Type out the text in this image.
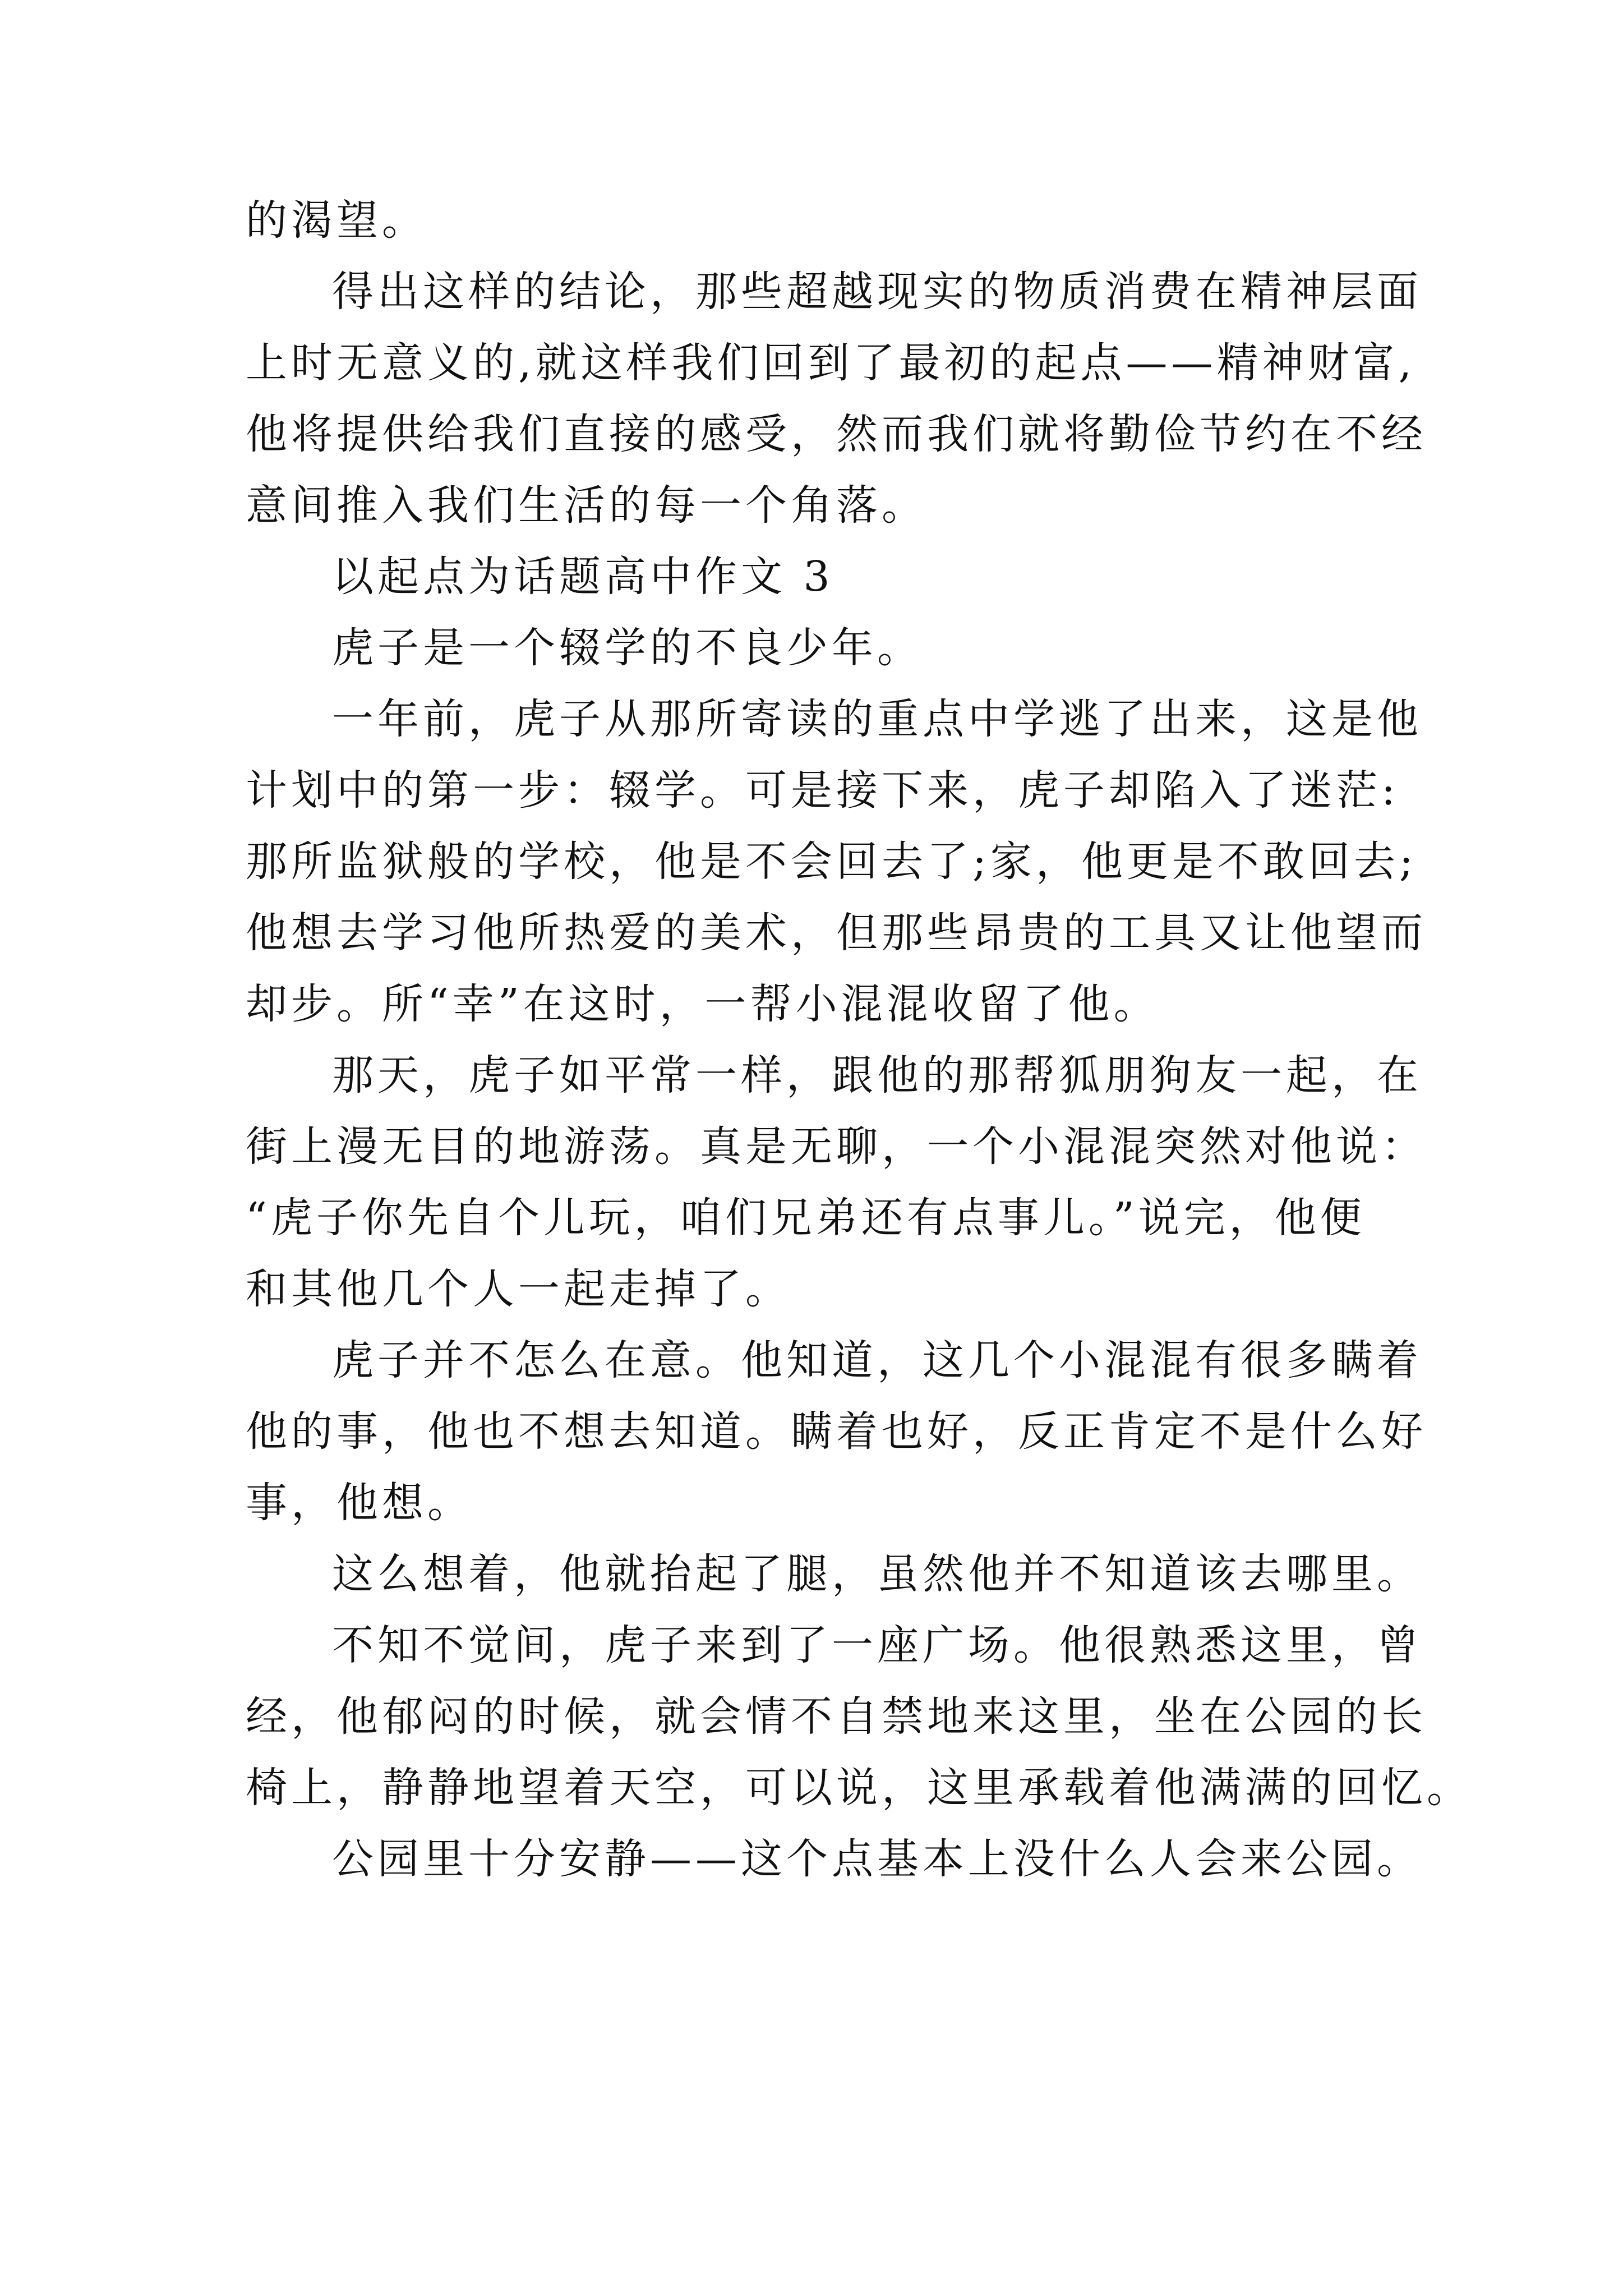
的渴望。
得出这样的结论，那些超越现实的物质消费在精神层面
上时无意义的,就这样我们回到了最初的起点——精神财富,
他将提供给我们直接的感受，然而我们就将勤俭节约在不经
意间推入我们生活的每一个角落。
以起点为话题高中作文 3
虎子是一个辍学的不良少年。
一年前，虎子从那所寄读的重点中学逃了出来，这是他
计划中的第一步：辍学。可是接下来，虎子却陷入了迷茫:
那所监狱般的学校，他是不会回去了;家，他更是不敢回去;
他想去学习他所热爱的美术，但那些昂贵的工具又让他望而
却步。所“幸”在这时，一帮小混混收留了他。
那天，虎子如平常一样，跟他的那帮狐朋狗友一起，在
街上漫无目的地游荡。真是无聊，一个小混混突然对他说：
“虎子你先自个儿玩，咱们兄弟还有点事儿。”说完，他便
和其他几个人一起走掉了。
虎子并不怎么在意。他知道，这几个小混混有很多瞒着
他的事，他也不想去知道。瞒着也好，反正肯定不是什么好
事，他想。
这么想着，他就抬起了腿，虽然他并不知道该去哪里。
不知不觉间，虎子来到了一座广场。他很熟悉这里，曾
经，他郁闷的时候，就会情不自禁地来这里，坐在公园的长
椅上，静静地望着天空，可以说，这里承载着他满满的回忆。
公园里十分安静——这个点基本上没什么人会来公园。
